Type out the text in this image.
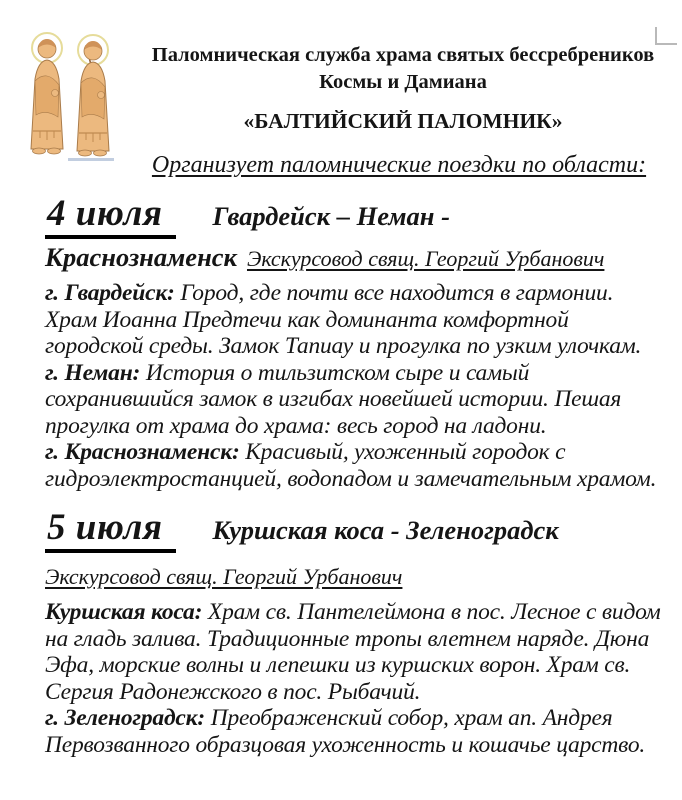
Паломническая служба храма святых бессребреников
Космы и Дамиана
«БАЛТИЙСКИЙ ПАЛОМНИК»
Организует паломнические поездки по области:
4 июля	Гвардейск – Неман -
Краснознаменск Экскурсовод свящ. Георгий Урбанович
г. Гвардейск: Город, где почти все находится в гармонии. Храм Иоанна Предтечи как доминанта комфортной городской среды. Замок Тапиау и прогулка по узким улочкам.
г. Неман: История о тильзитском сыре и самый сохранившийся замок в изгибах новейшей истории. Пешая прогулка от храма до храма: весь город на ладони.
г. Краснознаменск: Красивый, ухоженный городок с гидроэлектростанцией, водопадом и замечательным храмом.
5 июля	Куршская коса - Зеленоградск
Экскурсовод свящ. Георгий Урбанович
Куршская коса: Храм св. Пантелеймона в пос. Лесное с видом на гладь залива. Традиционные тропы влетнем наряде. Дюна Эфа, морские волны и лепешки из куршских ворон. Храм св. Сергия Радонежского в пос. Рыбачий.
г. Зеленоградск: Преображенский собор, храм ап. Андрея Первозванного образцовая ухоженность и кошачье царство.
